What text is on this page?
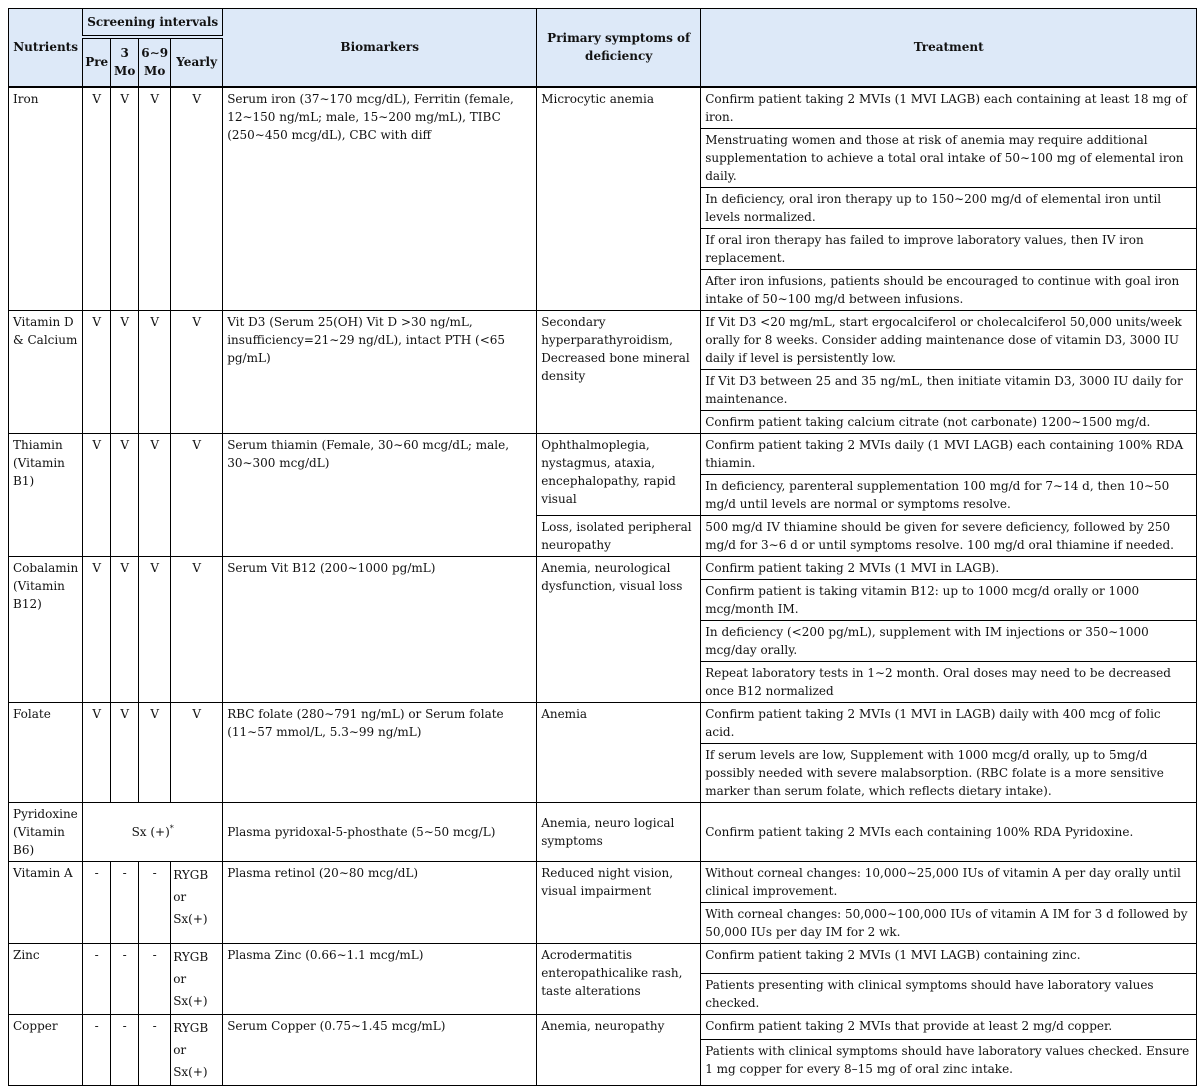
Nutrients	Screening intervals				Biomarkers	Primary symptoms of deficiency	Treatment
	Pre	3 Mo	6∼9 Mo	Yearly			
Iron	V	V	V	V	Serum iron (37∼170 mcg/dL), Ferritin (female, 12∼150 ng/mL; male, 15∼200 mg/mL), TIBC (250∼450 mcg/dL), CBC with diff	Microcytic anemia	Confirm patient taking 2 MVIs (1 MVI LAGB) each containing at least 18 mg of iron.
							Menstruating women and those at risk of anemia may require additional supplementation to achieve a total oral intake of 50∼100 mg of elemental iron daily.
							In deficiency, oral iron therapy up to 150∼200 mg/d of elemental iron until levels normalized.
							If oral iron therapy has failed to improve laboratory values, then IV iron replacement.
							After iron infusions, patients should be encouraged to continue with goal iron intake of 50∼100 mg/d between infusions.
Vitamin D & Calcium	V	V	V	V	Vit D3 (Serum 25(OH) Vit D >30 ng/mL, insufficiency=21∼29 ng/dL), intact PTH (<65 pg/mL)	Secondary hyperparathyroidism, Decreased bone mineral density	If Vit D3 <20 mg/mL, start ergocalciferol or cholecalciferol 50,000 units/week orally for 8 weeks. Consider adding maintenance dose of vitamin D3, 3000 IU daily if level is persistently low.
							If Vit D3 between 25 and 35 ng/mL, then initiate vitamin D3, 3000 IU daily for maintenance.
							Confirm patient taking calcium citrate (not carbonate) 1200∼1500 mg/d.
Thiamin (Vitamin B1)	V	V	V	V	Serum thiamin (Female, 30∼60 mcg/dL; male, 30∼300 mcg/dL)	Ophthalmoplegia, nystagmus, ataxia, encephalopathy, rapid visual	Confirm patient taking 2 MVIs daily (1 MVI LAGB) each containing 100% RDA thiamin.
							In deficiency, parenteral supplementation 100 mg/d for 7∼14 d, then 10∼50 mg/d until levels are normal or symptoms resolve.
						Loss, isolated peripheral neuropathy	500 mg/d IV thiamine should be given for severe deficiency, followed by 250 mg/d for 3∼6 d or until symptoms resolve. 100 mg/d oral thiamine if needed.
Cobalamin (Vitamin B12)	V	V	V	V	Serum Vit B12 (200∼1000 pg/mL)	Anemia, neurological dysfunction, visual loss	Confirm patient taking 2 MVIs (1 MVI in LAGB).
							Confirm patient is taking vitamin B12: up to 1000 mcg/d orally or 1000 mcg/month IM.
							In deficiency (<200 pg/mL), supplement with IM injections or 350∼1000 mcg/day orally.
							Repeat laboratory tests in 1∼2 month. Oral doses may need to be decreased once B12 normalized
Folate	V	V	V	V	RBC folate (280∼791 ng/mL) or Serum folate (11∼57 mmol/L, 5.3∼99 ng/mL)	Anemia	Confirm patient taking 2 MVIs (1 MVI in LAGB) daily with 400 mcg of folic acid.
							If serum levels are low, Supplement with 1000 mcg/d orally, up to 5mg/d possibly needed with severe malabsorption. (RBC folate is a more sensitive marker than serum folate, which reflects dietary intake).
Pyridoxine (Vitamin B6)	Sx (+)*				Plasma pyridoxal-5-phosthate (5∼50 mcg/L)	Anemia, neuro logical symptoms	Confirm patient taking 2 MVIs each containing 100% RDA Pyridoxine.
Vitamin A	-	-	-	RYGB or Sx(+)	Plasma retinol (20∼80 mcg/dL)	Reduced night vision, visual impairment	Without corneal changes: 10,000∼25,000 IUs of vitamin A per day orally until clinical improvement.
							With corneal changes: 50,000∼100,000 IUs of vitamin A IM for 3 d followed by 50,000 IUs per day IM for 2 wk.
Zinc	-	-	-	RYGB or Sx(+)	Plasma Zinc (0.66∼1.1 mcg/mL)	Acrodermatitis enteropathicalike rash, taste alterations	Confirm patient taking 2 MVIs (1 MVI LAGB) containing zinc.
							Patients presenting with clinical symptoms should have laboratory values checked.
Copper	-	-	-	RYGB or Sx(+)	Serum Copper (0.75∼1.45 mcg/mL)	Anemia, neuropathy	Confirm patient taking 2 MVIs that provide at least 2 mg/d copper.
							Patients with clinical symptoms should have laboratory values checked. Ensure 1 mg copper for every 8–15 mg of oral zinc intake.
